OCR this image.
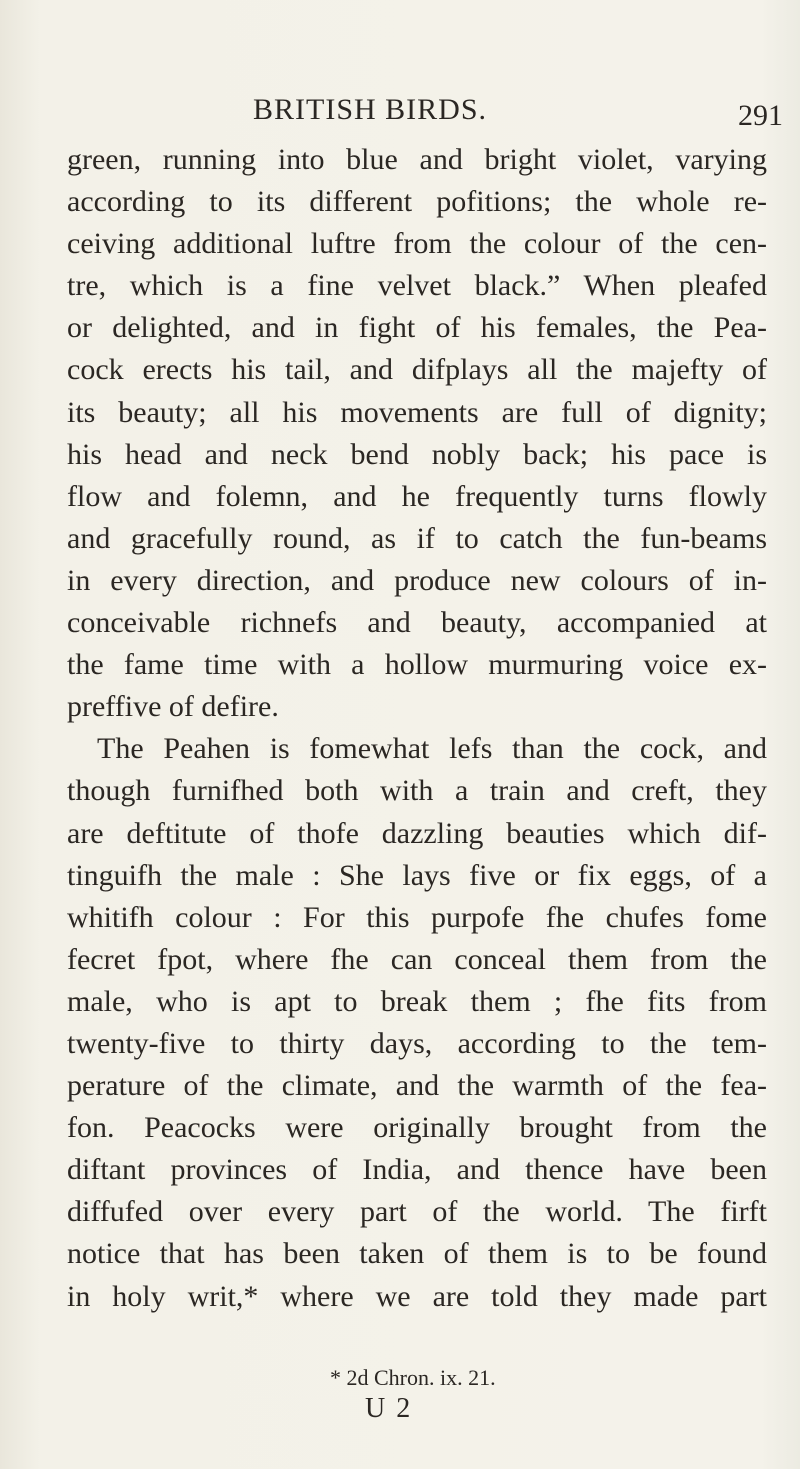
BRITISH BIRDS.	291
green, running into blue and bright violet, varying
according to its different pofitions; the whole re-
ceiving additional luftre from the colour of the cen-
tre, which is a fine velvet black.” When pleafed
or delighted, and in fight of his females, the Pea-
cock erects his tail, and difplays all the majefty of
its beauty; all his movements are full of dignity;
his head and neck bend nobly back; his pace is
flow and folemn, and he frequently turns flowly
and gracefully round, as if to catch the fun-beams
in every direction, and produce new colours of in-
conceivable richnefs and beauty, accompanied at
the fame time with a hollow murmuring voice ex-
preffive of defire.
The Peahen is fomewhat lefs than the cock, and
though furnifhed both with a train and creft, they
are deftitute of thofe dazzling beauties which dif-
tinguifh the male : She lays five or fix eggs, of a
whitifh colour : For this purpofe fhe chufes fome
fecret fpot, where fhe can conceal them from the
male, who is apt to break them ; fhe fits from
twenty-five to thirty days, according to the tem-
perature of the climate, and the warmth of the fea-
fon. Peacocks were originally brought from the
diftant provinces of India, and thence have been
diffufed over every part of the world. The firft
notice that has been taken of them is to be found
in holy writ,* where we are told they made part
* 2d Chron. ix. 21.
U 2
